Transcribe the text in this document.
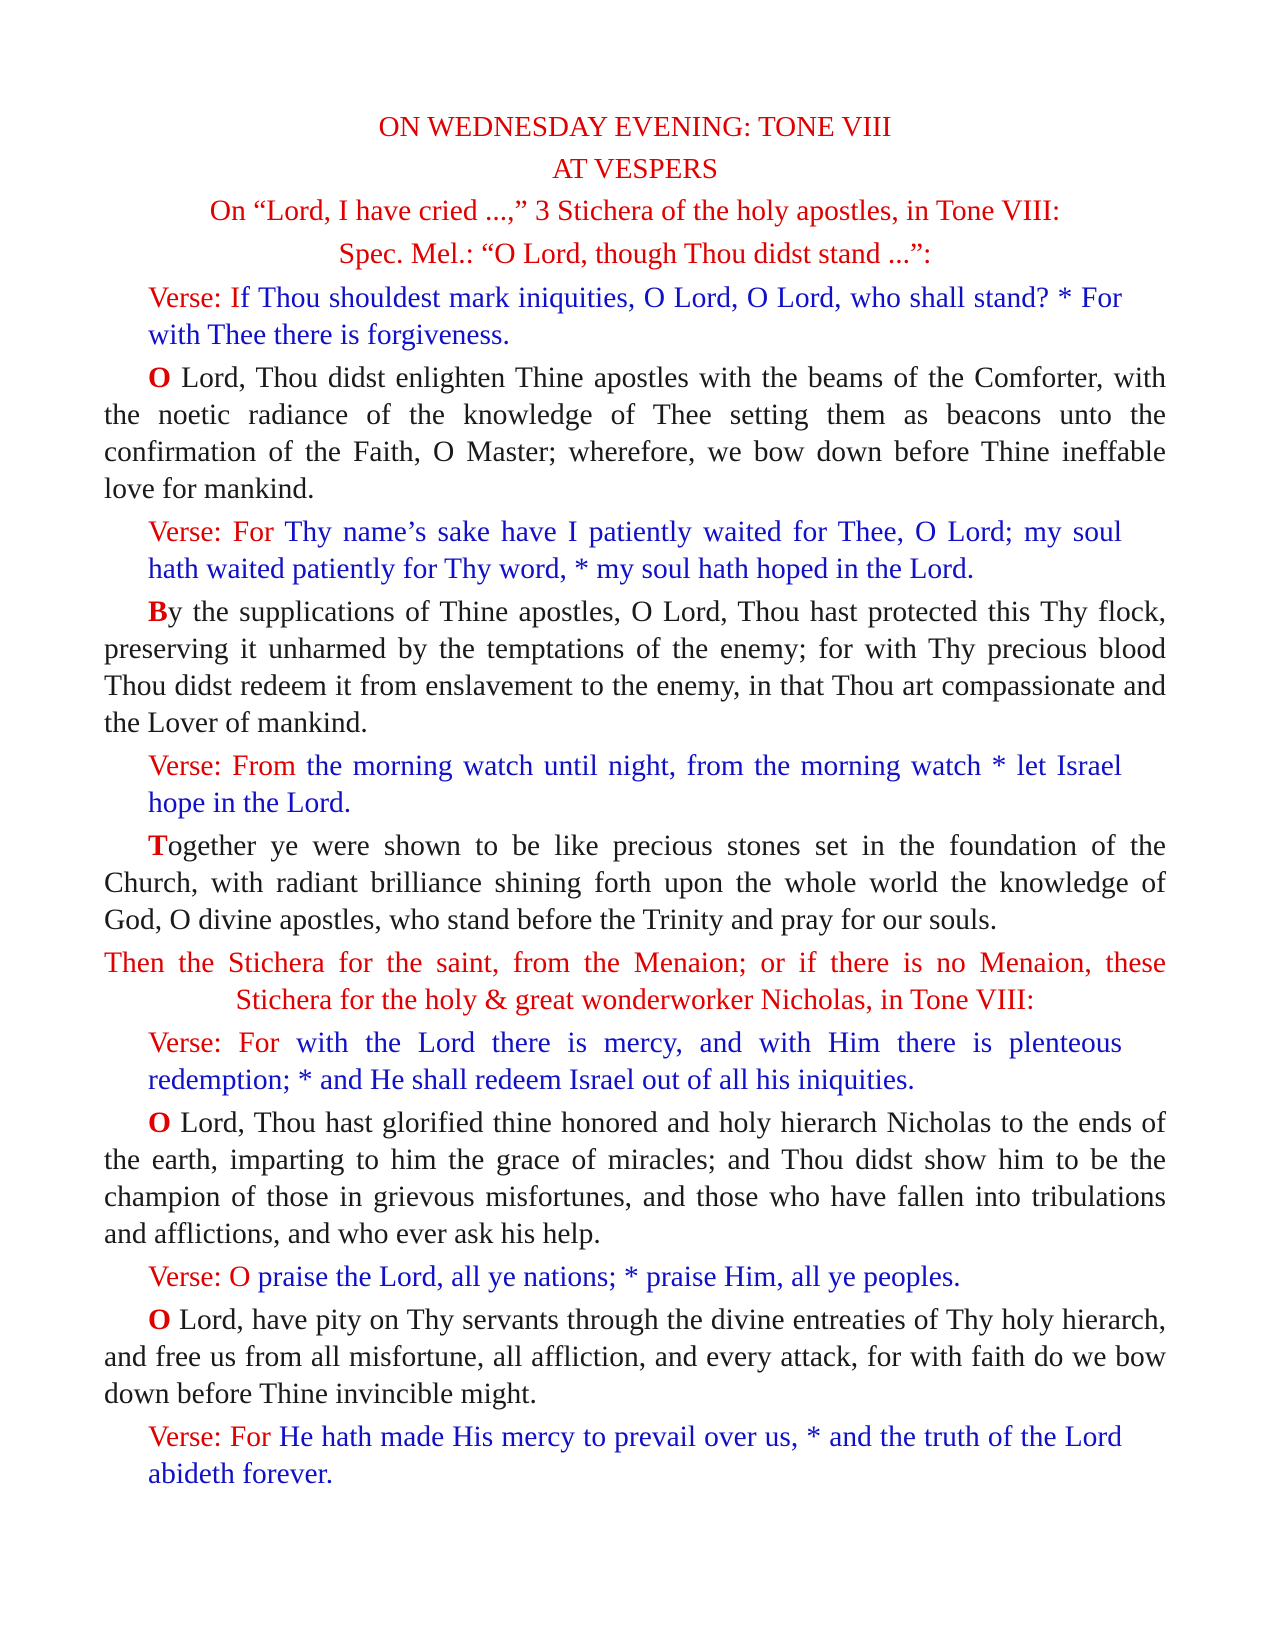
ON WEDNESDAY EVENING: TONE VIII
AT VESPERS
On “Lord, I have cried ...,” 3 Stichera of the holy apostles, in Tone VIII:
Spec. Mel.: “O Lord, though Thou didst stand ...”:

Verse: If Thou shouldest mark iniquities, O Lord, O Lord, who shall stand? * For with Thee there is forgiveness.

O Lord, Thou didst enlighten Thine apostles with the beams of the Comforter, with the noetic radiance of the knowledge of Thee setting them as beacons unto the confirmation of the Faith, O Master; wherefore, we bow down before Thine ineffable love for mankind.

Verse: For Thy name’s sake have I patiently waited for Thee, O Lord; my soul hath waited patiently for Thy word, * my soul hath hoped in the Lord.

By the supplications of Thine apostles, O Lord, Thou hast protected this Thy flock, preserving it unharmed by the temptations of the enemy; for with Thy precious blood Thou didst redeem it from enslavement to the enemy, in that Thou art compassionate and the Lover of mankind.

Verse: From the morning watch until night, from the morning watch * let Israel hope in the Lord.

Together ye were shown to be like precious stones set in the foundation of the Church, with radiant brilliance shining forth upon the whole world the knowledge of God, O divine apostles, who stand before the Trinity and pray for our souls.

Then the Stichera for the saint, from the Menaion; or if there is no Menaion, these
Stichera for the holy & great wonderworker Nicholas, in Tone VIII:

Verse: For with the Lord there is mercy, and with Him there is plenteous redemption; * and He shall redeem Israel out of all his iniquities.

O Lord, Thou hast glorified thine honored and holy hierarch Nicholas to the ends of the earth, imparting to him the grace of miracles; and Thou didst show him to be the champion of those in grievous misfortunes, and those who have fallen into tribulations and afflictions, and who ever ask his help.

Verse: O praise the Lord, all ye nations; * praise Him, all ye peoples.

O Lord, have pity on Thy servants through the divine entreaties of Thy holy hierarch, and free us from all misfortune, all affliction, and every attack, for with faith do we bow down before Thine invincible might.

Verse: For He hath made His mercy to prevail over us, * and the truth of the Lord abideth forever.
